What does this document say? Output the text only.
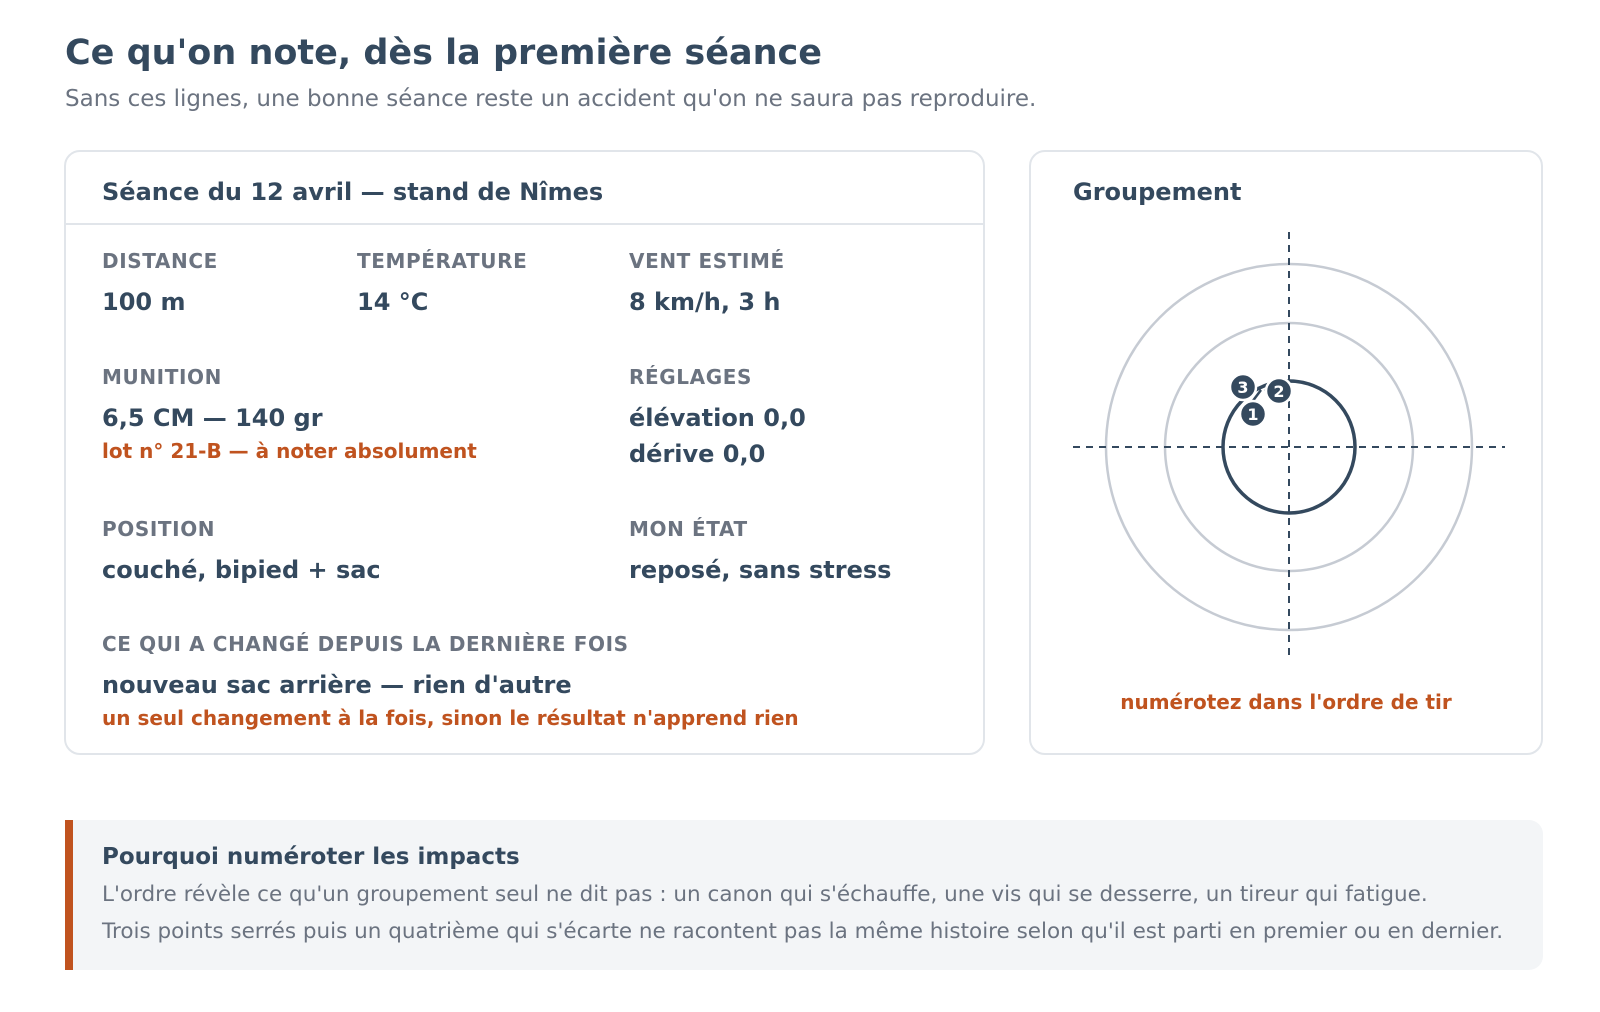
Ce qu'on note, dès la première séance

Sans ces lignes, une bonne séance reste un accident qu'on ne saura pas reproduire.

Séance du 12 avril — stand de Nîmes
DISTANCE
100 m
TEMPÉRATURE
14 °C
VENT ESTIMÉ
8 km/h, 3 h
MUNITION
6,5 CM — 140 gr
lot n° 21-B — à noter absolument
RÉGLAGES
élévation 0,0
dérive 0,0
POSITION
couché, bipied + sac
MON ÉTAT
reposé, sans stress
CE QUI A CHANGÉ DEPUIS LA DERNIÈRE FOIS
nouveau sac arrière — rien d'autre
un seul changement à la fois, sinon le résultat n'apprend rien
Groupement
1
2
3
numérotez dans l'ordre de tir
Pourquoi numéroter les impacts
L'ordre révèle ce qu'un groupement seul ne dit pas : un canon qui s'échauffe, une vis qui se desserre, un tireur qui fatigue.
Trois points serrés puis un quatrième qui s'écarte ne racontent pas la même histoire selon qu'il est parti en premier ou en dernier.
